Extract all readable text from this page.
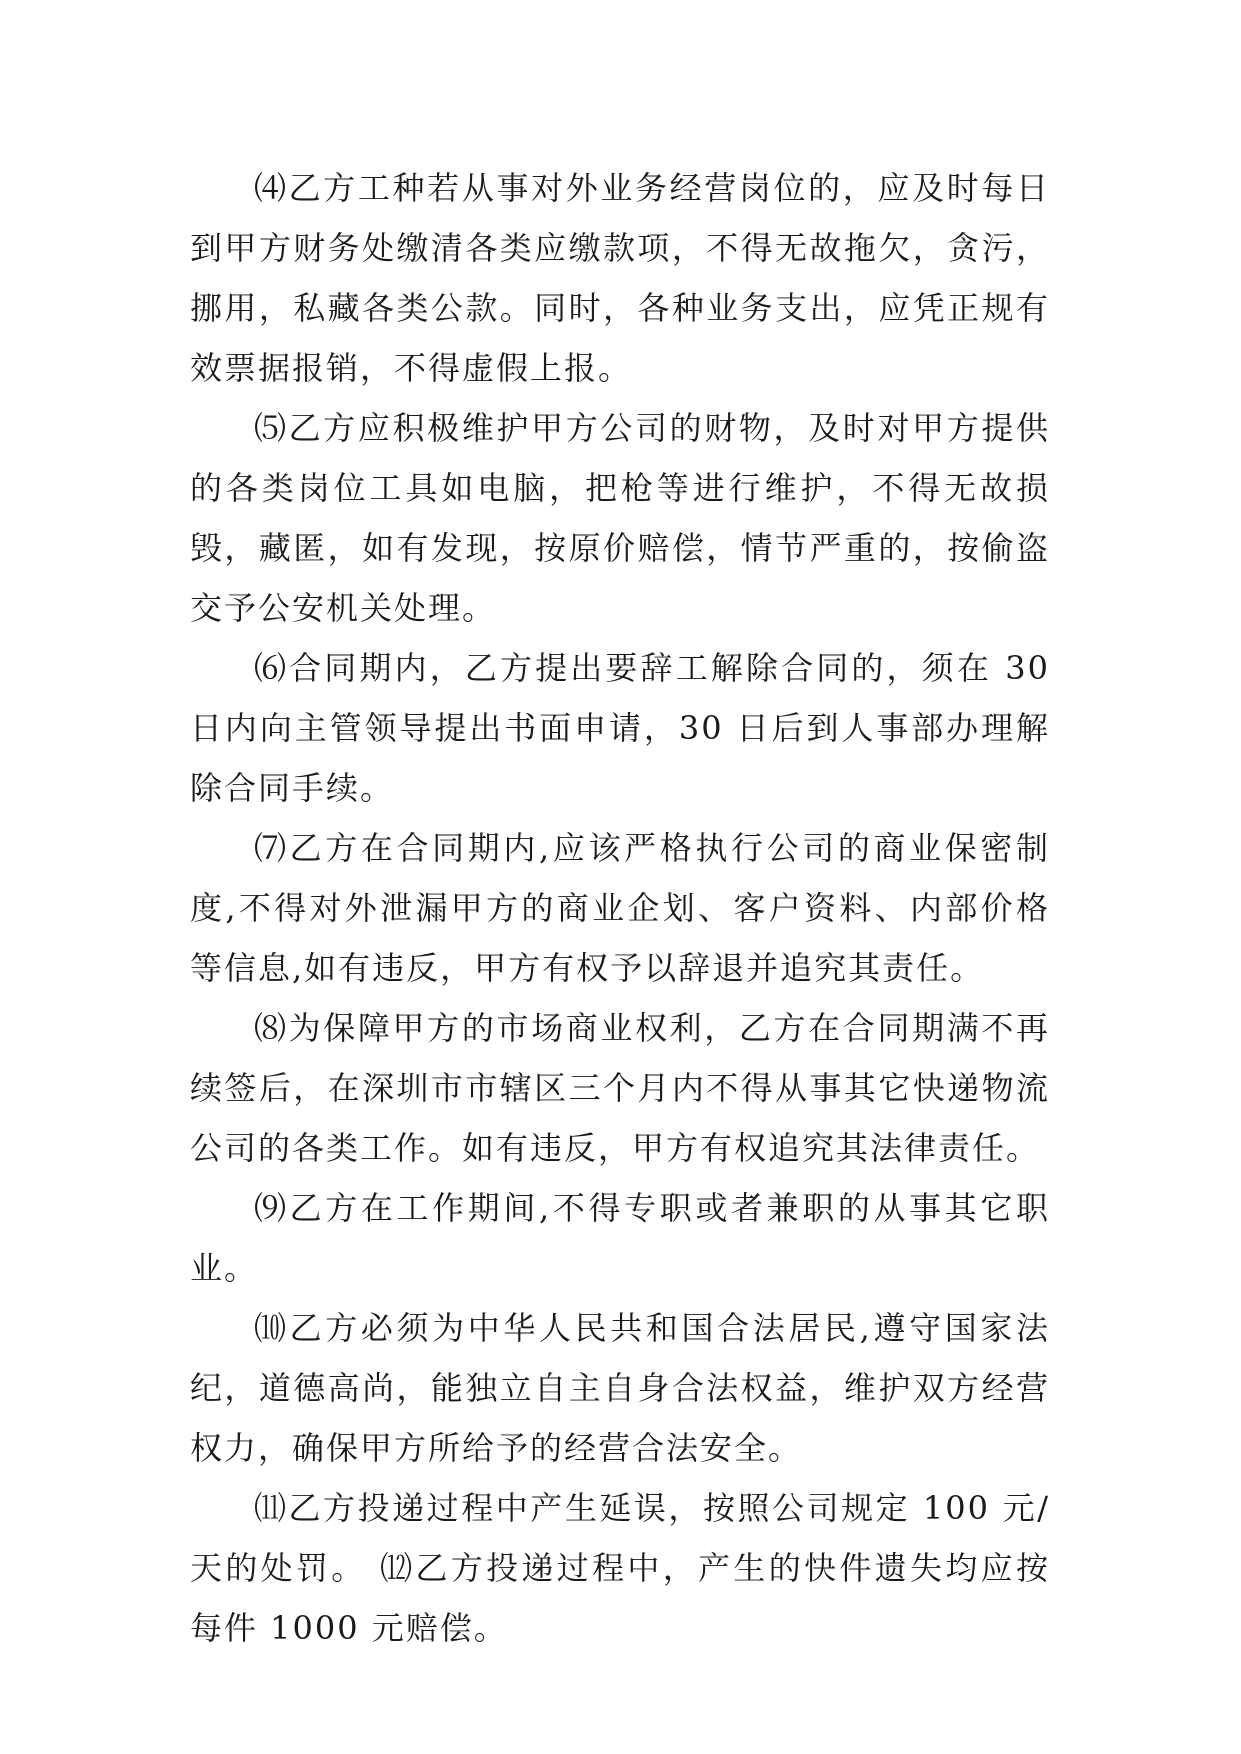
⑷乙方工种若从事对外业务经营岗位的，应及时每日到甲方财务处缴清各类应缴款项，不得无故拖欠，贪污，挪用，私藏各类公款。同时，各种业务支出，应凭正规有效票据报销，不得虚假上报。

⑸乙方应积极维护甲方公司的财物，及时对甲方提供的各类岗位工具如电脑，把枪等进行维护，不得无故损毁，藏匿，如有发现，按原价赔偿，情节严重的，按偷盗交予公安机关处理。

⑹合同期内，乙方提出要辞工解除合同的，须在 30 日内向主管领导提出书面申请，30 日后到人事部办理解除合同手续。

⑺乙方在合同期内,应该严格执行公司的商业保密制度,不得对外泄漏甲方的商业企划、客户资料、内部价格等信息,如有违反，甲方有权予以辞退并追究其责任。

⑻为保障甲方的市场商业权利，乙方在合同期满不再续签后，在深圳市市辖区三个月内不得从事其它快递物流公司的各类工作。如有违反，甲方有权追究其法律责任。

⑼乙方在工作期间,不得专职或者兼职的从事其它职业。

⑽乙方必须为中华人民共和国合法居民,遵守国家法纪，道德高尚，能独立自主自身合法权益，维护双方经营权力，确保甲方所给予的经营合法安全。

⑾乙方投递过程中产生延误，按照公司规定 100 元/天的处罚。 ⑿乙方投递过程中，产生的快件遗失均应按每件 1000 元赔偿。
